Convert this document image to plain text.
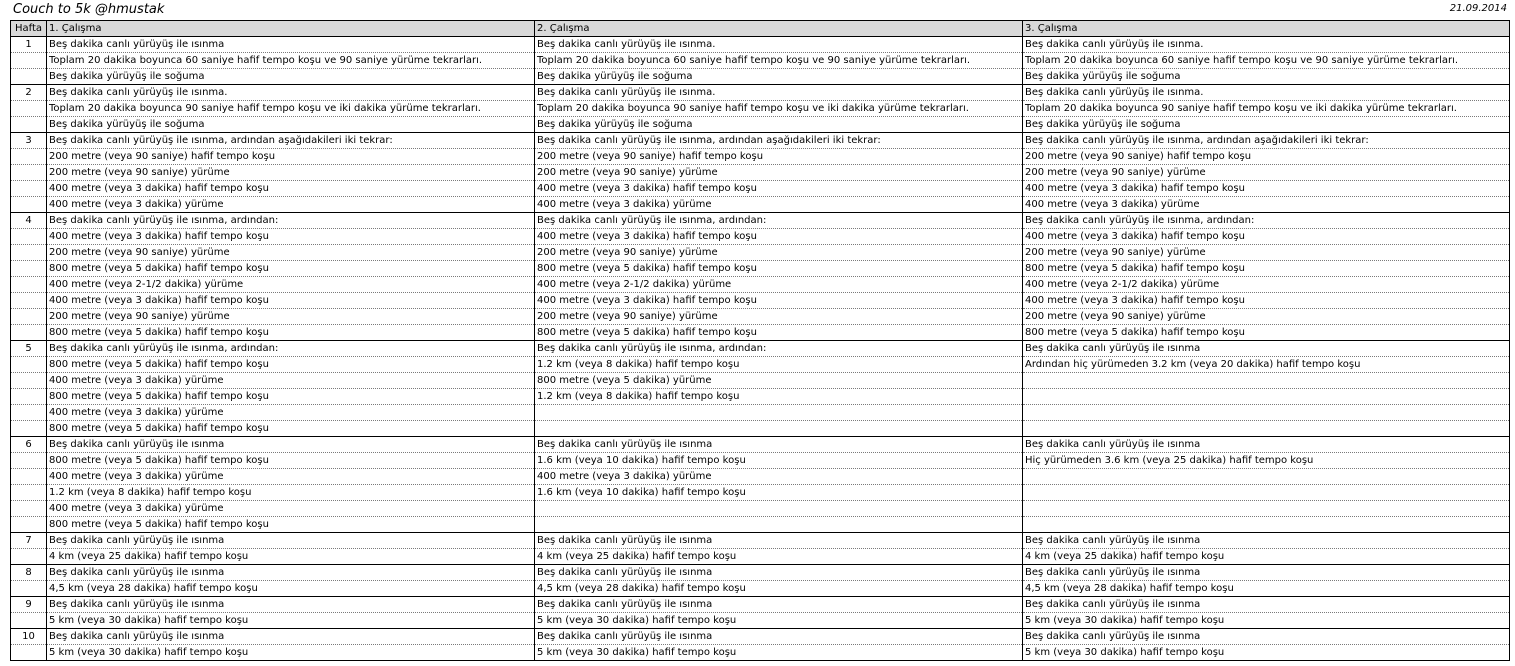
Couch to 5k @hmustak	21.09.2014
Hafta	1. Çalışma	2. Çalışma	3. Çalışma
1	Beş dakika canlı yürüyüş ile ısınma	Beş dakika canlı yürüyüş ile ısınma.	Beş dakika canlı yürüyüş ile ısınma.
	Toplam 20 dakika boyunca 60 saniye hafif tempo koşu ve 90 saniye yürüme tekrarları.	Toplam 20 dakika boyunca 60 saniye hafif tempo koşu ve 90 saniye yürüme tekrarları.	Toplam 20 dakika boyunca 60 saniye hafif tempo koşu ve 90 saniye yürüme tekrarları.
	Beş dakika yürüyüş ile soğuma	Beş dakika yürüyüş ile soğuma	Beş dakika yürüyüş ile soğuma
2	Beş dakika canlı yürüyüş ile ısınma.	Beş dakika canlı yürüyüş ile ısınma.	Beş dakika canlı yürüyüş ile ısınma.
	Toplam 20 dakika boyunca 90 saniye hafif tempo koşu ve iki dakika yürüme tekrarları.	Toplam 20 dakika boyunca 90 saniye hafif tempo koşu ve iki dakika yürüme tekrarları.	Toplam 20 dakika boyunca 90 saniye hafif tempo koşu ve iki dakika yürüme tekrarları.
	Beş dakika yürüyüş ile soğuma	Beş dakika yürüyüş ile soğuma	Beş dakika yürüyüş ile soğuma
3	Beş dakika canlı yürüyüş ile ısınma, ardından aşağıdakileri iki tekrar:	Beş dakika canlı yürüyüş ile ısınma, ardından aşağıdakileri iki tekrar:	Beş dakika canlı yürüyüş ile ısınma, ardından aşağıdakileri iki tekrar:
	200 metre (veya 90 saniye) hafif tempo koşu	200 metre (veya 90 saniye) hafif tempo koşu	200 metre (veya 90 saniye) hafif tempo koşu
	200 metre (veya 90 saniye) yürüme	200 metre (veya 90 saniye) yürüme	200 metre (veya 90 saniye) yürüme
	400 metre (veya 3 dakika) hafif tempo koşu	400 metre (veya 3 dakika) hafif tempo koşu	400 metre (veya 3 dakika) hafif tempo koşu
	400 metre (veya 3 dakika) yürüme	400 metre (veya 3 dakika) yürüme	400 metre (veya 3 dakika) yürüme
4	Beş dakika canlı yürüyüş ile ısınma, ardından:	Beş dakika canlı yürüyüş ile ısınma, ardından:	Beş dakika canlı yürüyüş ile ısınma, ardından:
	400 metre (veya 3 dakika) hafif tempo koşu	400 metre (veya 3 dakika) hafif tempo koşu	400 metre (veya 3 dakika) hafif tempo koşu
	200 metre (veya 90 saniye) yürüme	200 metre (veya 90 saniye) yürüme	200 metre (veya 90 saniye) yürüme
	800 metre (veya 5 dakika) hafif tempo koşu	800 metre (veya 5 dakika) hafif tempo koşu	800 metre (veya 5 dakika) hafif tempo koşu
	400 metre (veya 2-1/2 dakika) yürüme	400 metre (veya 2-1/2 dakika) yürüme	400 metre (veya 2-1/2 dakika) yürüme
	400 metre (veya 3 dakika) hafif tempo koşu	400 metre (veya 3 dakika) hafif tempo koşu	400 metre (veya 3 dakika) hafif tempo koşu
	200 metre (veya 90 saniye) yürüme	200 metre (veya 90 saniye) yürüme	200 metre (veya 90 saniye) yürüme
	800 metre (veya 5 dakika) hafif tempo koşu	800 metre (veya 5 dakika) hafif tempo koşu	800 metre (veya 5 dakika) hafif tempo koşu
5	Beş dakika canlı yürüyüş ile ısınma, ardından:	Beş dakika canlı yürüyüş ile ısınma, ardından:	Beş dakika canlı yürüyüş ile ısınma
	800 metre (veya 5 dakika) hafif tempo koşu	1.2 km (veya 8 dakika) hafif tempo koşu	Ardından hiç yürümeden 3.2 km (veya 20 dakika) hafif tempo koşu
	400 metre (veya 3 dakika) yürüme	800 metre (veya 5 dakika) yürüme	
	800 metre (veya 5 dakika) hafif tempo koşu	1.2 km (veya 8 dakika) hafif tempo koşu	
	400 metre (veya 3 dakika) yürüme		
	800 metre (veya 5 dakika) hafif tempo koşu		
6	Beş dakika canlı yürüyüş ile ısınma	Beş dakika canlı yürüyüş ile ısınma	Beş dakika canlı yürüyüş ile ısınma
	800 metre (veya 5 dakika) hafif tempo koşu	1.6 km (veya 10 dakika) hafif tempo koşu	Hiç yürümeden 3.6 km (veya 25 dakika) hafif tempo koşu
	400 metre (veya 3 dakika) yürüme	400 metre (veya 3 dakika) yürüme	
	1.2 km (veya 8 dakika) hafif tempo koşu	1.6 km (veya 10 dakika) hafif tempo koşu	
	400 metre (veya 3 dakika) yürüme		
	800 metre (veya 5 dakika) hafif tempo koşu		
7	Beş dakika canlı yürüyüş ile ısınma	Beş dakika canlı yürüyüş ile ısınma	Beş dakika canlı yürüyüş ile ısınma
	4 km (veya 25 dakika) hafif tempo koşu	4 km (veya 25 dakika) hafif tempo koşu	4 km (veya 25 dakika) hafif tempo koşu
8	Beş dakika canlı yürüyüş ile ısınma	Beş dakika canlı yürüyüş ile ısınma	Beş dakika canlı yürüyüş ile ısınma
	4,5 km (veya 28 dakika) hafif tempo koşu	4,5 km (veya 28 dakika) hafif tempo koşu	4,5 km (veya 28 dakika) hafif tempo koşu
9	Beş dakika canlı yürüyüş ile ısınma	Beş dakika canlı yürüyüş ile ısınma	Beş dakika canlı yürüyüş ile ısınma
	5 km (veya 30 dakika) hafif tempo koşu	5 km (veya 30 dakika) hafif tempo koşu	5 km (veya 30 dakika) hafif tempo koşu
10	Beş dakika canlı yürüyüş ile ısınma	Beş dakika canlı yürüyüş ile ısınma	Beş dakika canlı yürüyüş ile ısınma
	5 km (veya 30 dakika) hafif tempo koşu	5 km (veya 30 dakika) hafif tempo koşu	5 km (veya 30 dakika) hafif tempo koşu
